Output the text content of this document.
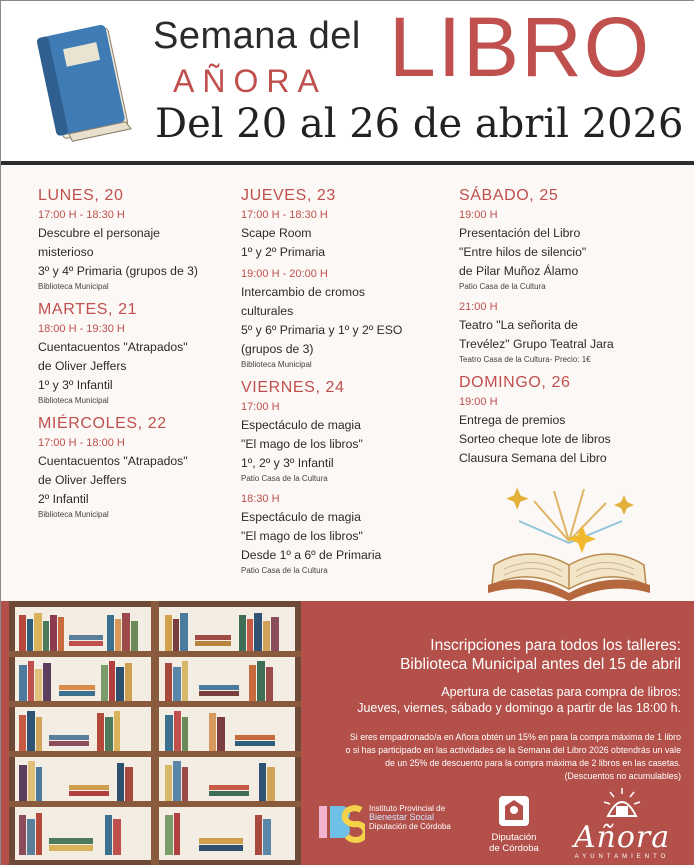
Semana del LIBRO
AÑORA
Del 20 al 26 de abril 2026
LUNES, 20
17:00 H - 18:30 H
Descubre el personaje
misterioso
3º y 4º Primaria (grupos de 3)
Biblioteca Municipal
MARTES, 21
18:00 H - 19:30 H
Cuentacuentos "Atrapados"
de Oliver Jeffers
1º y 3º Infantil
Biblioteca Municipal
MIÉRCOLES, 22
17:00 H - 18:00 H
Cuentacuentos "Atrapados"
de Oliver Jeffers
2º Infantil
Biblioteca Municipal
JUEVES, 23
17:00 H - 18:30 H
Scape Room
1º y 2º Primaria
19:00 H - 20:00 H
Intercambio de cromos
culturales
5º y 6º Primaria y 1º y 2º ESO
(grupos de 3)
Biblioteca Municipal
VIERNES, 24
17:00 H
Espectáculo de magia
"El mago de los libros"
1º, 2º y 3º Infantil
Patio Casa de la Cultura
18:30 H
Espectáculo de magia
"El mago de los libros"
Desde 1º a 6º de Primaria
Patio Casa de la Cultura
SÁBADO, 25
19:00 H
Presentación del Libro
"Entre hilos de silencio"
de Pilar Muñoz Álamo
Patio Casa de la Cultura
21:00 H
Teatro "La señorita de
Trevélez" Grupo Teatral Jara
Teatro Casa de la Cultura- Precio: 1€
DOMINGO, 26
19:00 H
Entrega de premios
Sorteo cheque lote de libros
Clausura Semana del Libro
Inscripciones para todos los talleres:
Biblioteca Municipal antes del 15 de abril
Apertura de casetas para compra de libros:
Jueves, viernes, sábado y domingo a partir de las 18:00 h.
Si eres empadronado/a en Añora obtén un 15% en para la compra máxima de 1 libro
o si has participado en las actividades de la Semana del Libro 2026 obtendrás un vale
de un 25% de descuento para la compra máxima de 2 libros en las casetas.
(Descuentos no acumulables)
Instituto Provincial de
Bienestar Social
Diputación de Córdoba
Diputación
de Córdoba	Añora
AYUNTAMIENTO
